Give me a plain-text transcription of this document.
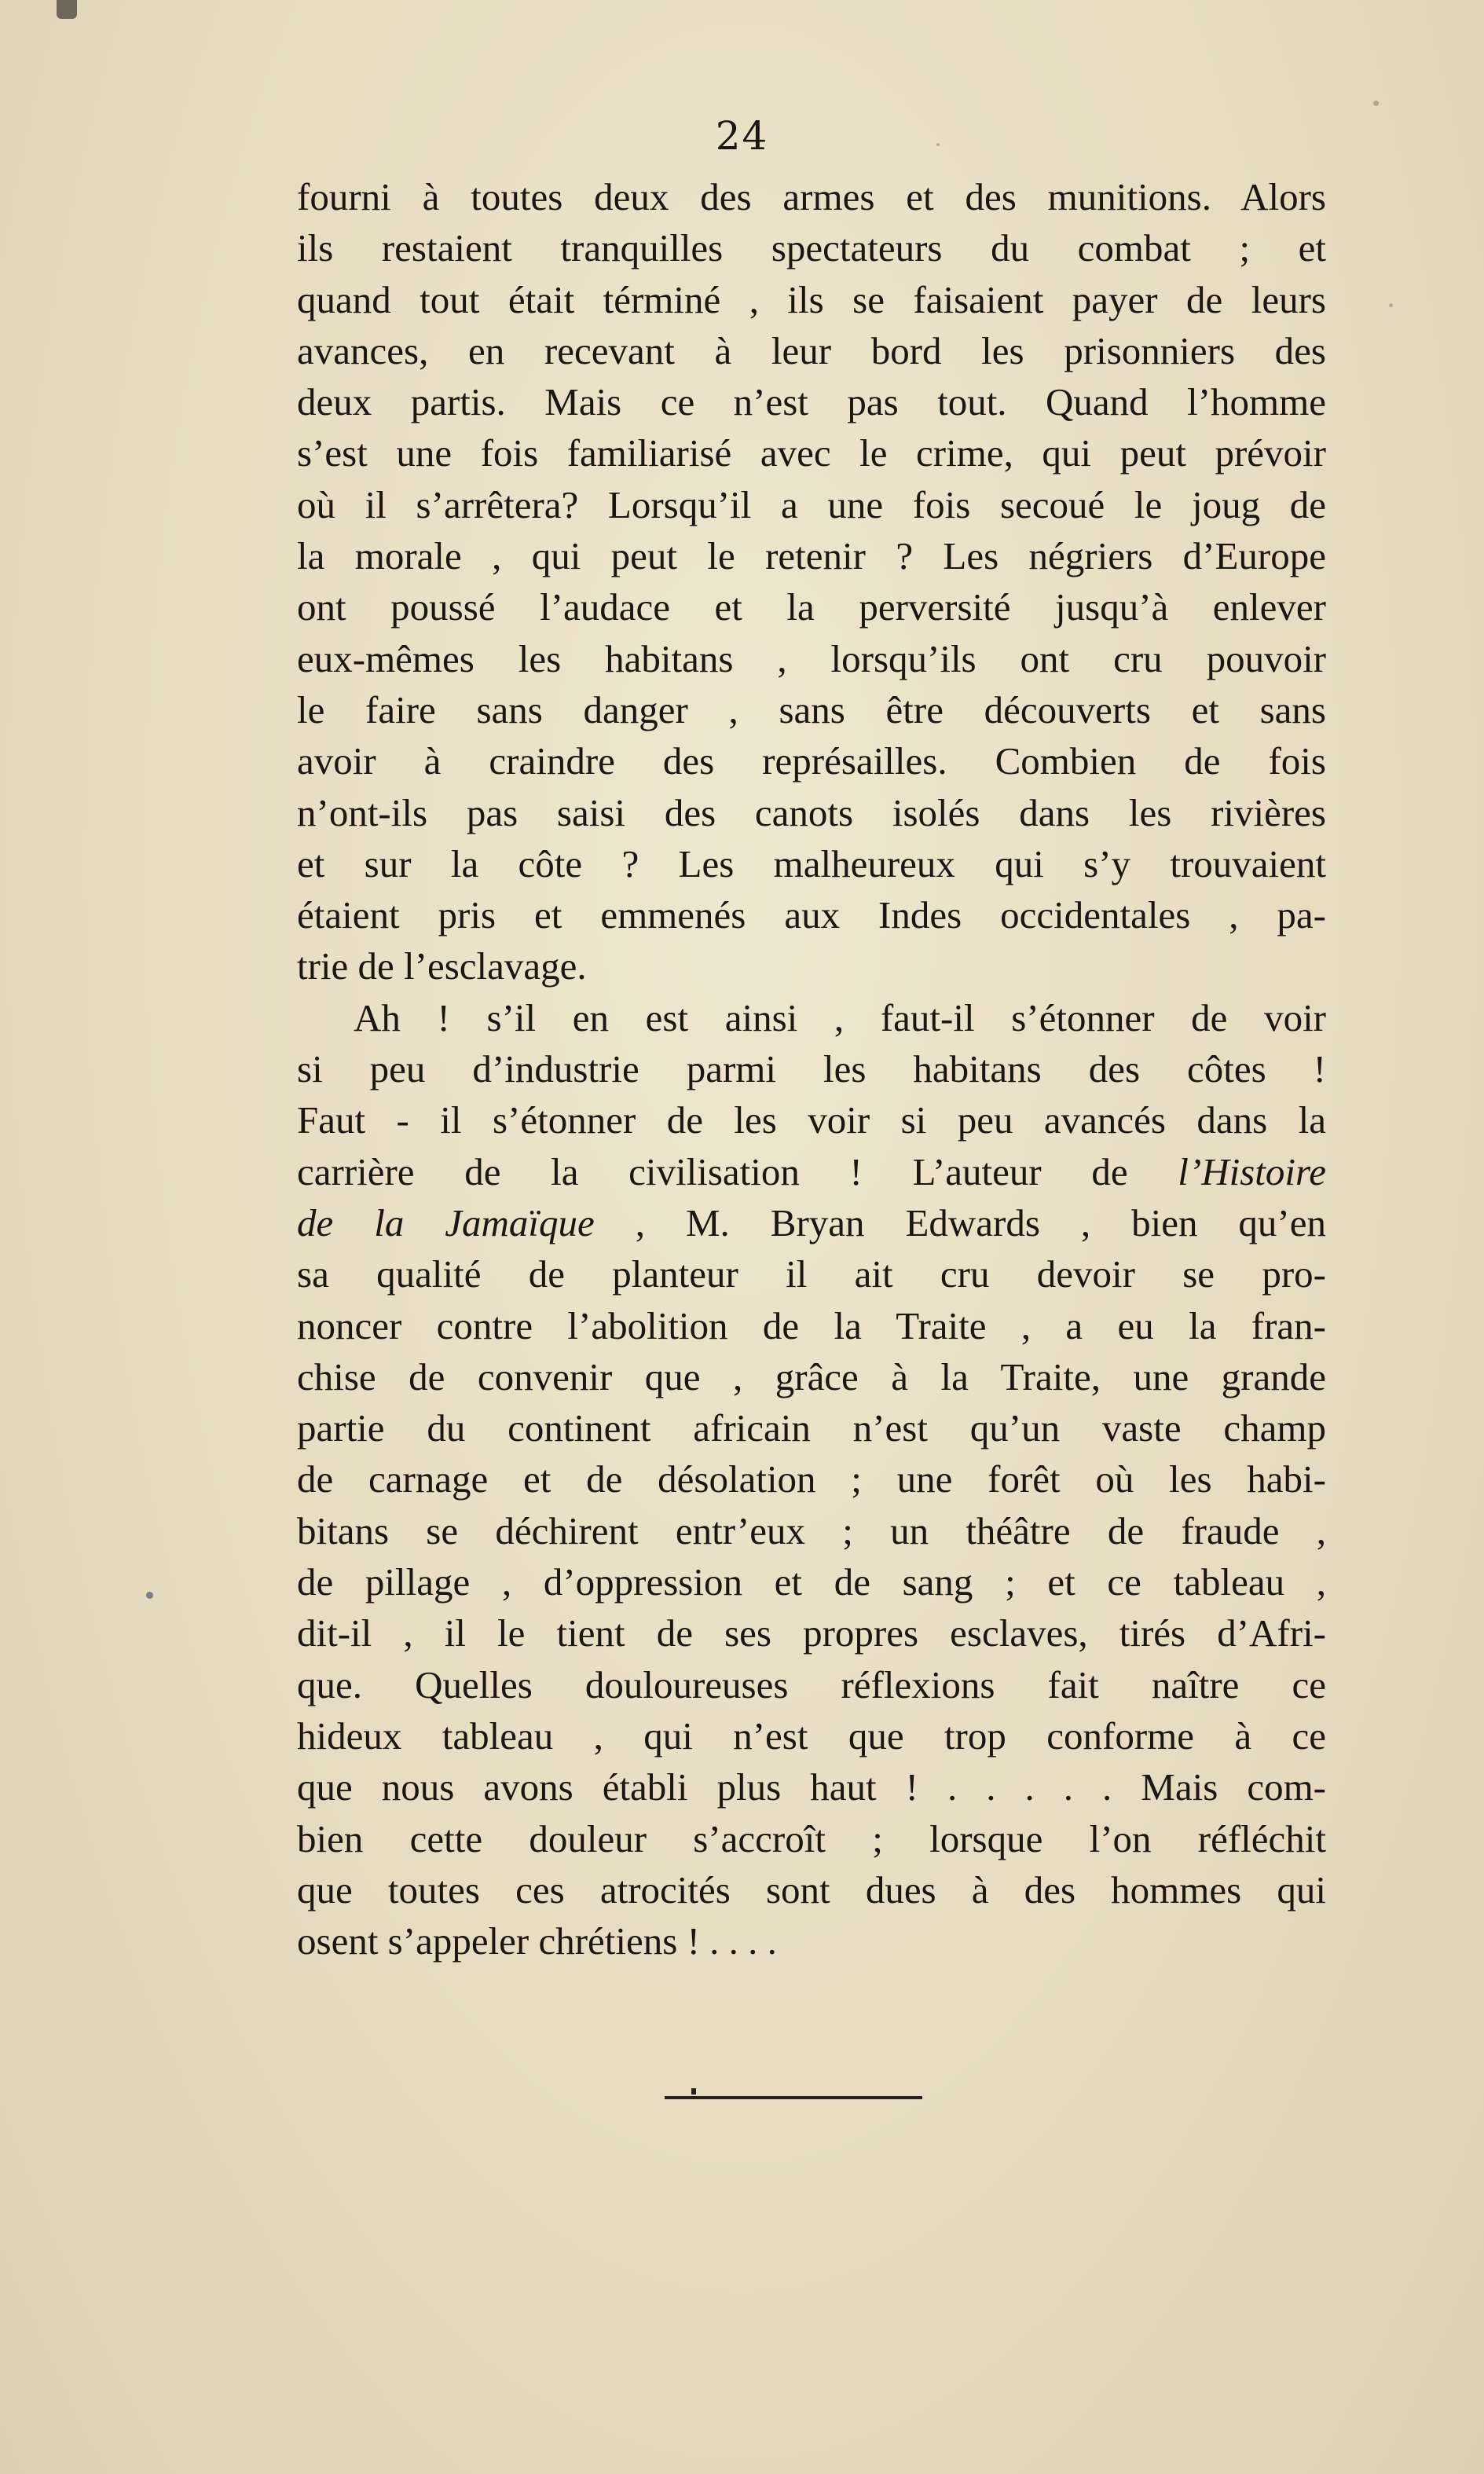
24
fourni à toutes deux des armes et des munitions. Alors
ils restaient tranquilles spectateurs du combat ; et
quand tout était términé , ils se faisaient payer de leurs
avances, en recevant à leur bord les prisonniers des
deux partis. Mais ce n’est pas tout. Quand l’homme
s’est une fois familiarisé avec le crime, qui peut prévoir
où il s’arrêtera? Lorsqu’il a une fois secoué le joug de
la morale , qui peut le retenir ? Les négriers d’Europe
ont poussé l’audace et la perversité jusqu’à enlever
eux-mêmes les habitans , lorsqu’ils ont cru pouvoir
le faire sans danger , sans être découverts et sans
avoir à craindre des représailles. Combien de fois
n’ont-ils pas saisi des canots isolés dans les rivières
et sur la côte ? Les malheureux qui s’y trouvaient
étaient pris et emmenés aux Indes occidentales , pa-
trie de l’esclavage.
Ah ! s’il en est ainsi , faut-il s’étonner de voir
si peu d’industrie parmi les habitans des côtes !
Faut - il s’étonner de les voir si peu avancés dans la
carrière de la civilisation ! L’auteur de l’Histoire
de la Jamaïque , M. Bryan Edwards , bien qu’en
sa qualité de planteur il ait cru devoir se pro-
noncer contre l’abolition de la Traite , a eu la fran-
chise de convenir que , grâce à la Traite, une grande
partie du continent africain n’est qu’un vaste champ
de carnage et de désolation ; une forêt où les habi-
bitans se déchirent entr’eux ; un théâtre de fraude ,
de pillage , d’oppression et de sang ; et ce tableau ,
dit-il , il le tient de ses propres esclaves, tirés d’Afri-
que. Quelles douloureuses réflexions fait naître ce
hideux tableau , qui n’est que trop conforme à ce
que nous avons établi plus haut ! . . . . . Mais com-
bien cette douleur s’accroît ; lorsque l’on réfléchit
que toutes ces atrocités sont dues à des hommes qui
osent s’appeler chrétiens ! . . . .
